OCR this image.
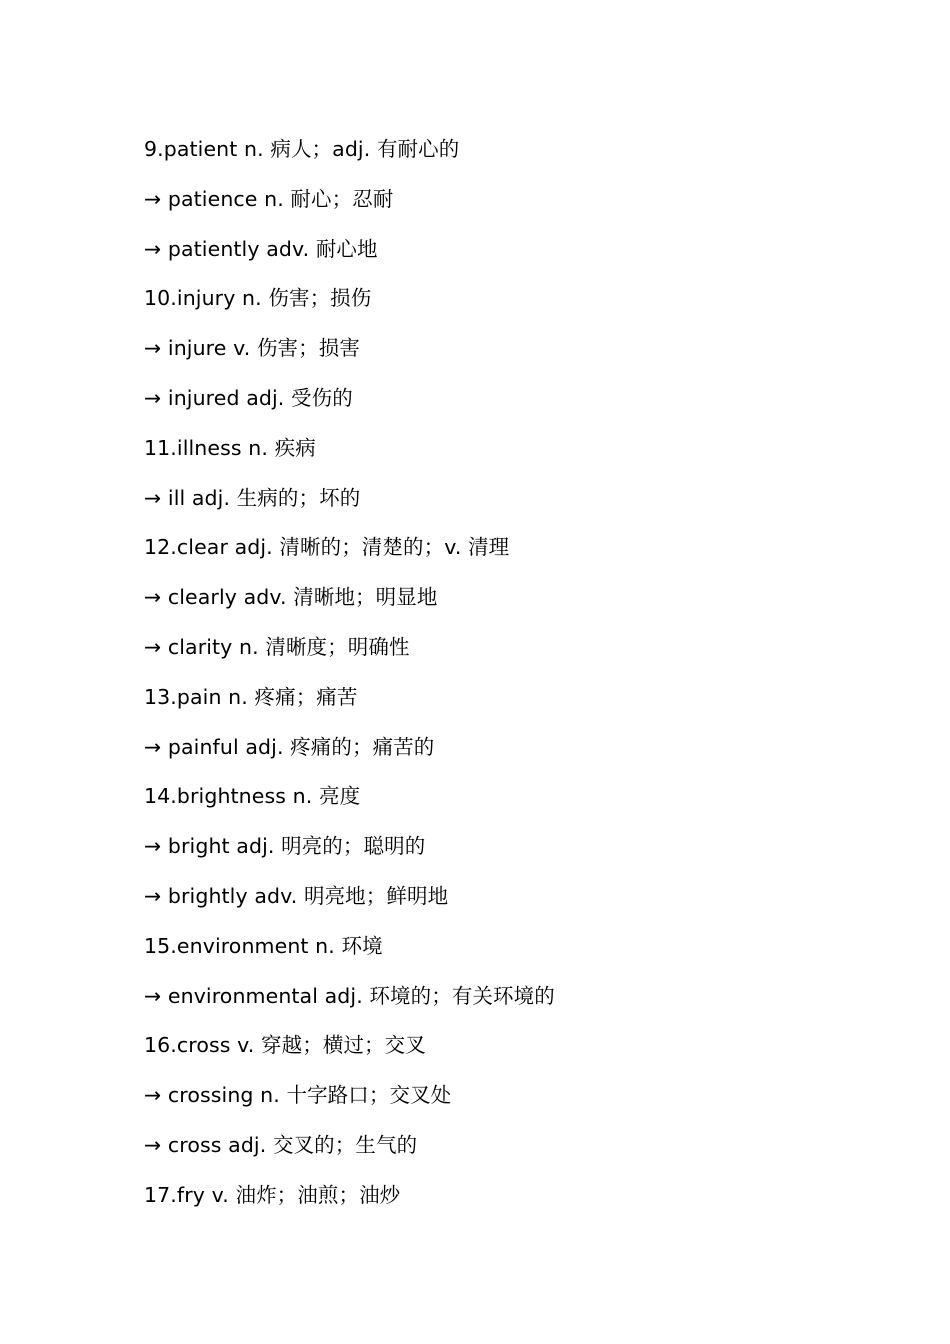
9.patient n. 病人；adj. 有耐心的
→ patience n. 耐心；忍耐
→ patiently adv. 耐心地
10.injury n. 伤害；损伤
→ injure v. 伤害；损害
→ injured adj. 受伤的
11.illness n. 疾病
→ ill adj. 生病的；坏的
12.clear adj. 清晰的；清楚的；v. 清理
→ clearly adv. 清晰地；明显地
→ clarity n. 清晰度；明确性
13.pain n. 疼痛；痛苦
→ painful adj. 疼痛的；痛苦的
14.brightness n. 亮度
→ bright adj. 明亮的；聪明的
→ brightly adv. 明亮地；鲜明地
15.environment n. 环境
→ environmental adj. 环境的；有关环境的
16.cross v. 穿越；横过；交叉
→ crossing n. 十字路口；交叉处
→ cross adj. 交叉的；生气的
17.fry v. 油炸；油煎；油炒
